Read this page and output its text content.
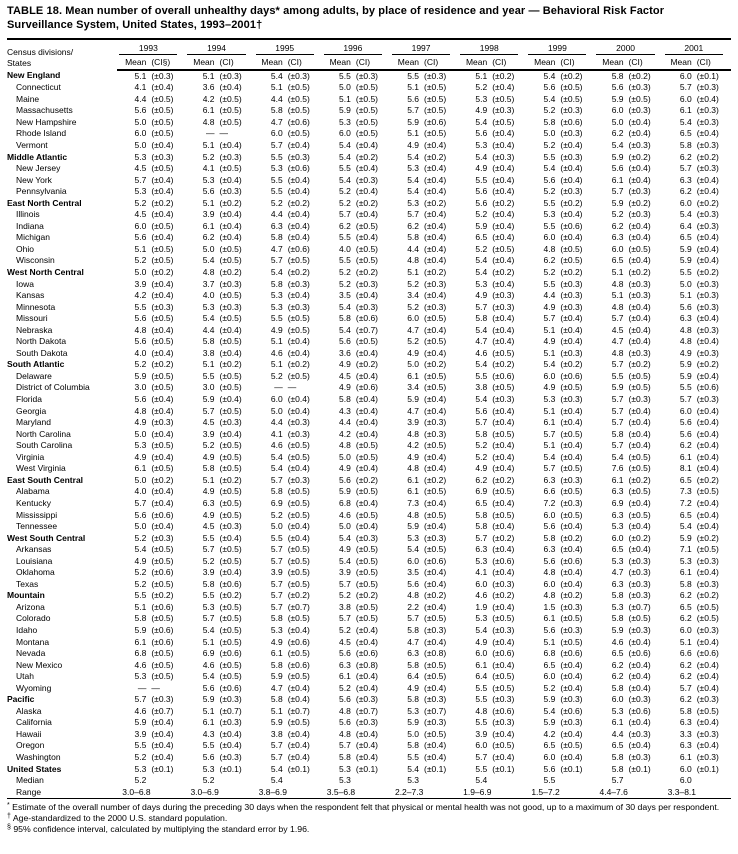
TABLE 18. Mean number of overall unhealthy days* among adults, by place of residence and year — Behavioral Risk Factor Surveillance System, United States, 1993–2001†
Census divisions/
States	1993		1994		1995		1996		1997		1998		1999		2000		2001	

	Mean	(CI§)	Mean	(CI)	Mean	(CI)	Mean	(CI)	Mean	(CI)	Mean	(CI)	Mean	(CI)	Mean	(CI)	Mean	(CI)
New England	5.1	(±0.3)	5.1	(±0.3)	5.4	(±0.3)	5.5	(±0.3)	5.5	(±0.3)	5.1	(±0.2)	5.4	(±0.2)	5.8	(±0.2)	6.0	(±0.1)
Connecticut	4.1	(±0.4)	3.6	(±0.4)	5.1	(±0.5)	5.0	(±0.5)	5.1	(±0.5)	5.2	(±0.4)	5.6	(±0.5)	5.6	(±0.3)	5.7	(±0.3)
Maine	4.4	(±0.5)	4.2	(±0.5)	4.4	(±0.5)	5.1	(±0.5)	5.6	(±0.5)	5.3	(±0.5)	5.4	(±0.5)	5.9	(±0.5)	6.0	(±0.4)
Massachusetts	5.6	(±0.5)	6.1	(±0.5)	5.8	(±0.5)	5.9	(±0.5)	5.7	(±0.5)	4.9	(±0.3)	5.2	(±0.3)	6.0	(±0.3)	6.1	(±0.3)
New Hampshire	5.0	(±0.5)	4.8	(±0.5)	4.7	(±0.6)	5.3	(±0.5)	5.9	(±0.6)	5.4	(±0.5)	5.8	(±0.6)	5.0	(±0.4)	5.4	(±0.3)
Rhode Island	6.0	(±0.5)	—	—	6.0	(±0.5)	6.0	(±0.5)	5.1	(±0.5)	5.6	(±0.4)	5.0	(±0.3)	6.2	(±0.4)	6.5	(±0.4)
Vermont	5.0	(±0.4)	5.1	(±0.4)	5.7	(±0.4)	5.4	(±0.4)	4.9	(±0.4)	5.3	(±0.4)	5.2	(±0.4)	5.4	(±0.3)	5.8	(±0.3)
Middle Atlantic	5.3	(±0.3)	5.2	(±0.3)	5.5	(±0.3)	5.4	(±0.2)	5.4	(±0.2)	5.4	(±0.3)	5.5	(±0.3)	5.9	(±0.2)	6.2	(±0.2)
New Jersey	4.5	(±0.5)	4.1	(±0.5)	5.3	(±0.6)	5.5	(±0.4)	5.3	(±0.4)	4.9	(±0.4)	5.4	(±0.4)	5.6	(±0.4)	5.7	(±0.3)
New York	5.7	(±0.4)	5.3	(±0.4)	5.5	(±0.4)	5.4	(±0.3)	5.4	(±0.4)	5.5	(±0.4)	5.6	(±0.4)	6.1	(±0.4)	6.3	(±0.4)
Pennsylvania	5.3	(±0.4)	5.6	(±0.3)	5.5	(±0.4)	5.2	(±0.4)	5.4	(±0.4)	5.6	(±0.4)	5.2	(±0.3)	5.7	(±0.3)	6.2	(±0.4)
East North Central	5.2	(±0.2)	5.1	(±0.2)	5.2	(±0.2)	5.2	(±0.2)	5.3	(±0.2)	5.6	(±0.2)	5.5	(±0.2)	5.9	(±0.2)	6.0	(±0.2)
Illinois	4.5	(±0.4)	3.9	(±0.4)	4.4	(±0.4)	5.7	(±0.4)	5.7	(±0.4)	5.2	(±0.4)	5.3	(±0.4)	5.2	(±0.3)	5.4	(±0.3)
Indiana	6.0	(±0.5)	6.1	(±0.4)	6.3	(±0.4)	6.2	(±0.5)	6.2	(±0.4)	5.9	(±0.4)	5.5	(±0.6)	6.2	(±0.4)	6.4	(±0.3)
Michigan	5.6	(±0.4)	6.2	(±0.4)	5.8	(±0.4)	5.5	(±0.4)	5.8	(±0.4)	6.5	(±0.4)	6.0	(±0.4)	6.3	(±0.4)	6.5	(±0.4)
Ohio	5.1	(±0.5)	5.0	(±0.5)	4.7	(±0.6)	4.0	(±0.5)	4.4	(±0.4)	5.2	(±0.5)	4.8	(±0.5)	6.0	(±0.5)	5.9	(±0.4)
Wisconsin	5.2	(±0.5)	5.4	(±0.5)	5.7	(±0.5)	5.5	(±0.5)	4.8	(±0.4)	5.4	(±0.4)	6.2	(±0.5)	6.5	(±0.4)	5.9	(±0.4)
West North Central	5.0	(±0.2)	4.8	(±0.2)	5.4	(±0.2)	5.2	(±0.2)	5.1	(±0.2)	5.4	(±0.2)	5.2	(±0.2)	5.1	(±0.2)	5.5	(±0.2)
Iowa	3.9	(±0.4)	3.7	(±0.3)	5.8	(±0.3)	5.2	(±0.3)	5.2	(±0.3)	5.3	(±0.4)	5.5	(±0.3)	4.8	(±0.3)	5.0	(±0.3)
Kansas	4.2	(±0.4)	4.0	(±0.5)	5.3	(±0.4)	3.5	(±0.4)	3.4	(±0.4)	4.9	(±0.3)	4.4	(±0.3)	5.1	(±0.3)	5.1	(±0.3)
Minnesota	5.5	(±0.3)	5.3	(±0.3)	5.3	(±0.3)	5.4	(±0.3)	5.2	(±0.3)	5.7	(±0.3)	4.9	(±0.3)	4.8	(±0.4)	5.6	(±0.3)
Missouri	5.6	(±0.5)	5.4	(±0.5)	5.5	(±0.5)	5.8	(±0.6)	6.0	(±0.5)	5.8	(±0.4)	5.7	(±0.4)	5.7	(±0.4)	6.3	(±0.4)
Nebraska	4.8	(±0.4)	4.4	(±0.4)	4.9	(±0.5)	5.4	(±0.7)	4.7	(±0.4)	5.4	(±0.4)	5.1	(±0.4)	4.5	(±0.4)	4.8	(±0.3)
North Dakota	5.6	(±0.5)	5.8	(±0.5)	5.1	(±0.4)	5.6	(±0.5)	5.2	(±0.5)	4.7	(±0.4)	4.9	(±0.4)	4.7	(±0.4)	4.8	(±0.4)
South Dakota	4.0	(±0.4)	3.8	(±0.4)	4.6	(±0.4)	3.6	(±0.4)	4.9	(±0.4)	4.6	(±0.5)	5.1	(±0.3)	4.8	(±0.3)	4.9	(±0.3)
South Atlantic	5.2	(±0.2)	5.1	(±0.2)	5.1	(±0.2)	4.9	(±0.2)	5.0	(±0.2)	5.4	(±0.2)	5.4	(±0.2)	5.7	(±0.2)	5.9	(±0.2)
Delaware	5.9	(±0.5)	5.5	(±0.5)	5.2	(±0.5)	4.5	(±0.4)	6.1	(±0.5)	5.5	(±0.6)	6.0	(±0.6)	5.5	(±0.5)	5.9	(±0.4)
District of Columbia	3.0	(±0.5)	3.0	(±0.5)	—	—	4.9	(±0.6)	3.4	(±0.5)	3.8	(±0.5)	4.9	(±0.5)	5.9	(±0.5)	5.5	(±0.6)
Florida	5.6	(±0.4)	5.9	(±0.4)	6.0	(±0.4)	5.8	(±0.4)	5.9	(±0.4)	5.4	(±0.3)	5.3	(±0.3)	5.7	(±0.3)	5.7	(±0.3)
Georgia	4.8	(±0.4)	5.7	(±0.5)	5.0	(±0.4)	4.3	(±0.4)	4.7	(±0.4)	5.6	(±0.4)	5.1	(±0.4)	5.7	(±0.4)	6.0	(±0.4)
Maryland	4.9	(±0.3)	4.5	(±0.3)	4.4	(±0.3)	4.4	(±0.4)	3.9	(±0.3)	5.7	(±0.4)	6.1	(±0.4)	5.7	(±0.4)	5.6	(±0.4)
North Carolina	5.0	(±0.4)	3.9	(±0.4)	4.1	(±0.3)	4.2	(±0.4)	4.8	(±0.3)	5.8	(±0.5)	5.7	(±0.5)	5.8	(±0.4)	5.6	(±0.4)
South Carolina	5.3	(±0.5)	5.2	(±0.5)	4.6	(±0.5)	4.8	(±0.5)	4.2	(±0.5)	5.2	(±0.4)	5.1	(±0.4)	5.7	(±0.4)	6.2	(±0.4)
Virginia	4.9	(±0.4)	4.9	(±0.5)	5.4	(±0.5)	5.0	(±0.5)	4.9	(±0.4)	5.2	(±0.4)	5.4	(±0.4)	5.4	(±0.5)	6.1	(±0.4)
West Virginia	6.1	(±0.5)	5.8	(±0.5)	5.4	(±0.4)	4.9	(±0.4)	4.8	(±0.4)	4.9	(±0.4)	5.7	(±0.5)	7.6	(±0.5)	8.1	(±0.4)
East South Central	5.0	(±0.2)	5.1	(±0.2)	5.7	(±0.3)	5.6	(±0.2)	6.1	(±0.2)	6.2	(±0.2)	6.3	(±0.3)	6.1	(±0.2)	6.5	(±0.2)
Alabama	4.0	(±0.4)	4.9	(±0.5)	5.8	(±0.5)	5.9	(±0.5)	6.1	(±0.5)	6.9	(±0.5)	6.6	(±0.5)	6.3	(±0.5)	7.3	(±0.5)
Kentucky	5.7	(±0.4)	6.3	(±0.5)	6.9	(±0.5)	6.8	(±0.4)	7.3	(±0.4)	6.5	(±0.4)	7.2	(±0.3)	6.9	(±0.4)	7.2	(±0.4)
Mississippi	5.6	(±0.6)	4.9	(±0.5)	5.2	(±0.5)	4.6	(±0.5)	4.8	(±0.5)	5.8	(±0.5)	6.0	(±0.5)	6.3	(±0.5)	6.5	(±0.4)
Tennessee	5.0	(±0.4)	4.5	(±0.3)	5.0	(±0.4)	5.0	(±0.4)	5.9	(±0.4)	5.8	(±0.4)	5.6	(±0.4)	5.3	(±0.4)	5.4	(±0.4)
West South Central	5.2	(±0.3)	5.5	(±0.4)	5.5	(±0.4)	5.4	(±0.3)	5.3	(±0.3)	5.7	(±0.2)	5.8	(±0.2)	6.0	(±0.2)	5.9	(±0.2)
Arkansas	5.4	(±0.5)	5.7	(±0.5)	5.7	(±0.5)	4.9	(±0.5)	5.4	(±0.5)	6.3	(±0.4)	6.3	(±0.4)	6.5	(±0.4)	7.1	(±0.5)
Louisiana	4.9	(±0.5)	5.2	(±0.5)	5.7	(±0.5)	5.4	(±0.5)	6.0	(±0.6)	5.3	(±0.6)	5.6	(±0.6)	5.3	(±0.3)	5.3	(±0.3)
Oklahoma	5.2	(±0.6)	3.9	(±0.4)	3.9	(±0.5)	3.9	(±0.5)	3.5	(±0.4)	4.1	(±0.4)	4.8	(±0.4)	4.7	(±0.3)	6.1	(±0.4)
Texas	5.2	(±0.5)	5.8	(±0.6)	5.7	(±0.5)	5.7	(±0.5)	5.6	(±0.4)	6.0	(±0.3)	6.0	(±0.4)	6.3	(±0.3)	5.8	(±0.3)
Mountain	5.5	(±0.2)	5.5	(±0.2)	5.7	(±0.2)	5.2	(±0.2)	4.8	(±0.2)	4.6	(±0.2)	4.8	(±0.2)	5.8	(±0.3)	6.2	(±0.2)
Arizona	5.1	(±0.6)	5.3	(±0.5)	5.7	(±0.7)	3.8	(±0.5)	2.2	(±0.4)	1.9	(±0.4)	1.5	(±0.3)	5.3	(±0.7)	6.5	(±0.5)
Colorado	5.8	(±0.5)	5.7	(±0.5)	5.8	(±0.5)	5.7	(±0.5)	5.7	(±0.5)	5.3	(±0.5)	6.1	(±0.5)	5.8	(±0.5)	6.2	(±0.5)
Idaho	5.9	(±0.6)	5.4	(±0.5)	5.3	(±0.4)	5.2	(±0.4)	5.8	(±0.3)	5.4	(±0.3)	5.6	(±0.3)	5.9	(±0.3)	6.0	(±0.3)
Montana	6.1	(±0.6)	5.1	(±0.5)	4.9	(±0.6)	4.5	(±0.4)	4.7	(±0.4)	4.9	(±0.4)	5.1	(±0.5)	4.6	(±0.4)	5.1	(±0.4)
Nevada	6.8	(±0.5)	6.9	(±0.6)	6.1	(±0.5)	5.6	(±0.6)	6.3	(±0.8)	6.0	(±0.6)	6.8	(±0.6)	6.5	(±0.6)	6.6	(±0.6)
New Mexico	4.6	(±0.5)	4.6	(±0.5)	5.8	(±0.6)	6.3	(±0.8)	5.8	(±0.5)	6.1	(±0.4)	6.5	(±0.4)	6.2	(±0.4)	6.2	(±0.4)
Utah	5.3	(±0.5)	5.4	(±0.5)	5.9	(±0.5)	6.1	(±0.4)	6.4	(±0.5)	6.4	(±0.5)	6.0	(±0.4)	6.2	(±0.4)	6.2	(±0.4)
Wyoming	—	—	5.6	(±0.6)	4.7	(±0.4)	5.2	(±0.4)	4.9	(±0.4)	5.5	(±0.5)	5.2	(±0.4)	5.8	(±0.4)	5.7	(±0.4)
Pacific	5.7	(±0.3)	5.9	(±0.3)	5.8	(±0.4)	5.6	(±0.3)	5.8	(±0.3)	5.5	(±0.3)	5.9	(±0.3)	6.0	(±0.3)	6.2	(±0.3)
Alaska	4.6	(±0.7)	5.1	(±0.7)	5.1	(±0.7)	4.8	(±0.7)	5.3	(±0.7)	4.8	(±0.6)	5.4	(±0.6)	5.3	(±0.6)	5.8	(±0.5)
California	5.9	(±0.4)	6.1	(±0.3)	5.9	(±0.5)	5.6	(±0.3)	5.9	(±0.3)	5.5	(±0.3)	5.9	(±0.3)	6.1	(±0.4)	6.3	(±0.4)
Hawaii	3.9	(±0.4)	4.3	(±0.4)	3.8	(±0.4)	4.8	(±0.4)	5.0	(±0.5)	3.9	(±0.4)	4.2	(±0.4)	4.4	(±0.3)	3.3	(±0.3)
Oregon	5.5	(±0.4)	5.5	(±0.4)	5.7	(±0.4)	5.7	(±0.4)	5.8	(±0.4)	6.0	(±0.5)	6.5	(±0.5)	6.5	(±0.4)	6.3	(±0.4)
Washington	5.2	(±0.4)	5.6	(±0.3)	5.7	(±0.4)	5.8	(±0.4)	5.5	(±0.4)	5.7	(±0.4)	6.0	(±0.4)	5.8	(±0.3)	6.1	(±0.3)
United States	5.3	(±0.1)	5.3	(±0.1)	5.4	(±0.1)	5.3	(±0.1)	5.4	(±0.1)	5.5	(±0.1)	5.6	(±0.1)	5.8	(±0.1)	6.0	(±0.1)
Median	5.2		5.2		5.4		5.3		5.3		5.4		5.5		5.7		6.0	
Range	3.0–6.8		3.0–6.9		3.8–6.9		3.5–6.8		2.2–7.3		1.9–6.9		1.5–7.2		4.4–7.6		3.3–8.1	
* Estimate of the overall number of days during the preceding 30 days when the respondent felt that physical or mental health was not good, up to a maximum of 30 days per respondent.
† Age-standardized to the 2000 U.S. standard population.
§ 95% confidence interval, calculated by multiplying the standard error by 1.96.
